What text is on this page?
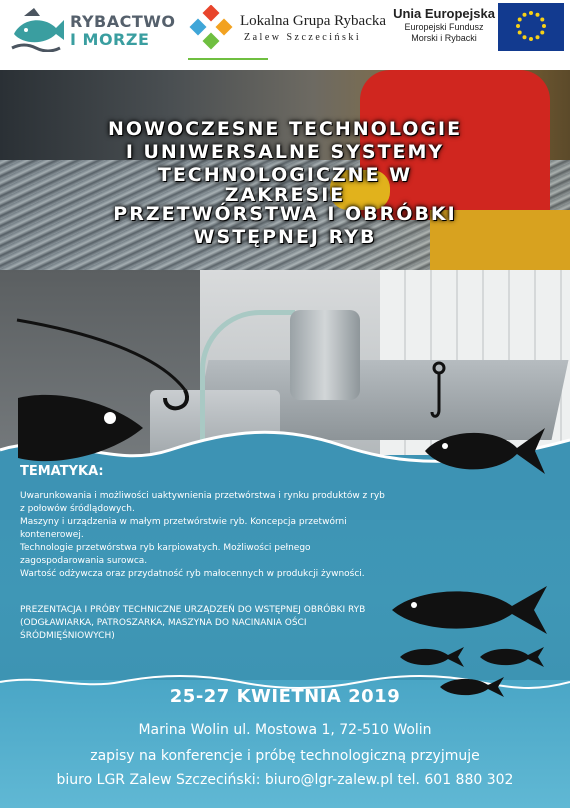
RYBACTWO
I MORZE
Lokalna Grupa Rybacka
Zalew Szczeciński
Unia Europejska
Europejski Fundusz
Morski i Rybacki
NOWOCZESNE TECHNOLOGIE
I UNIWERSALNE SYSTEMY
TECHNOLOGICZNE W
ZAKRESIE
PRZETWÓRSTWA I OBRÓBKI
WSTĘPNEJ RYB
TEMATYKA:

Uwarunkowania i możliwości uaktywnienia przetwórstwa i rynku produktów z ryb

z połowów śródlądowych.

Maszyny i urządzenia w małym przetwórstwie ryb. Koncepcja przetwórni

kontenerowej.

Technologie przetwórstwa ryb karpiowatych. Możliwości pełnego

zagospodarowania surowca.

Wartość odżywcza oraz przydatność ryb małocennych w produkcji żywności.

PREZENTACJA I PRÓBY TECHNICZNE URZĄDZEŃ DO WSTĘPNEJ OBRÓBKI RYB
(ODGŁAWIARKA, PATROSZARKA, MASZYNA DO NACINANIA OŚCI
ŚRÓDMIĘŚNIOWYCH)
25-27 KWIETNIA 2019
Marina Wolin ul. Mostowa 1, 72-510 Wolin
zapisy na konferencje i próbę technologiczną przyjmuje
biuro LGR Zalew Szczeciński: biuro@lgr-zalew.pl tel. 601 880 302
